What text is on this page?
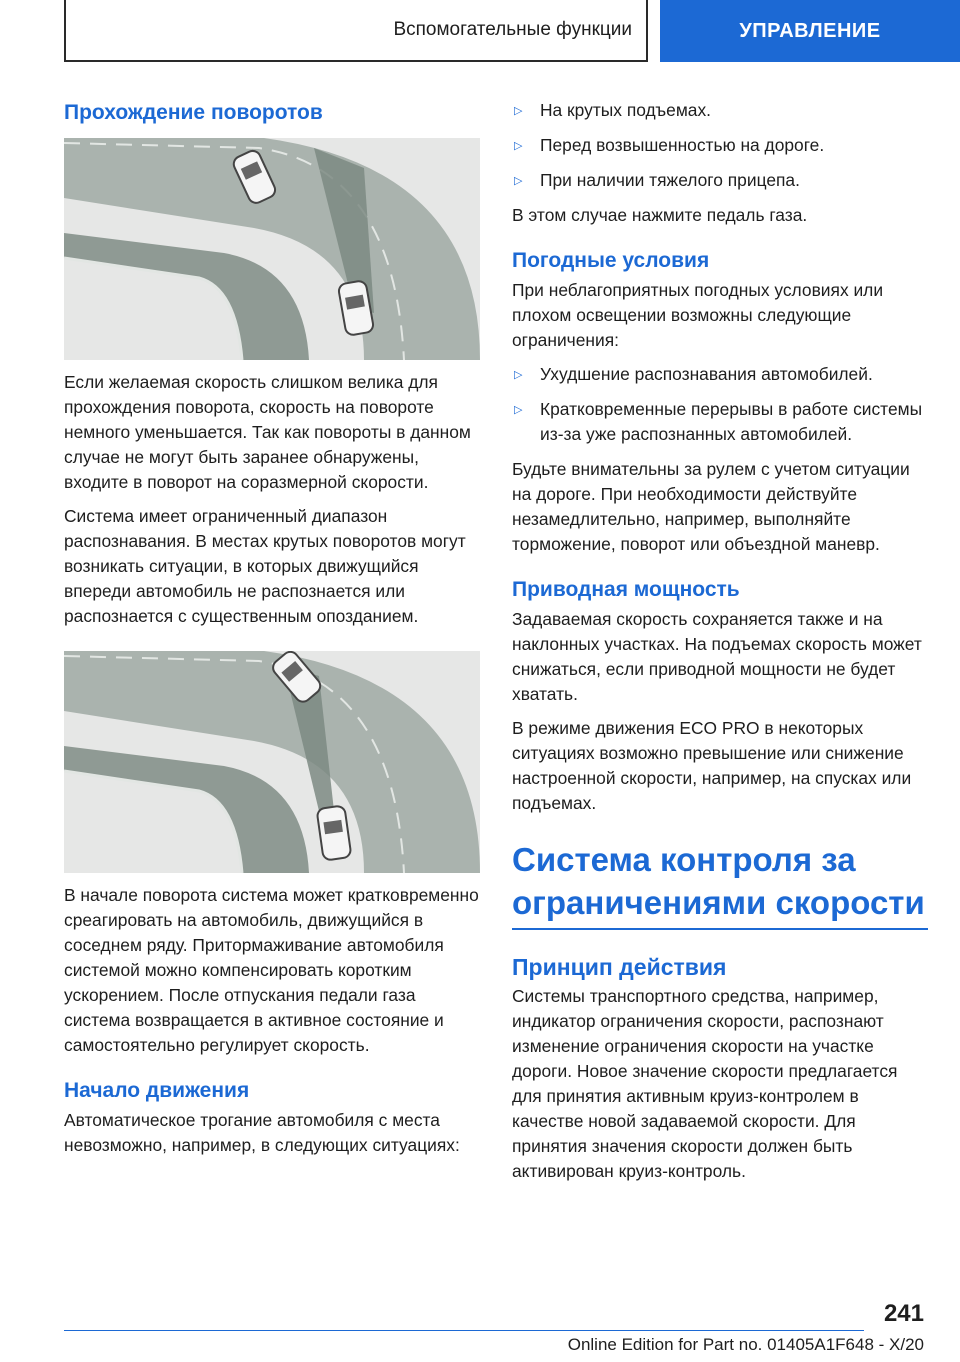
Вспомогательные функции	УПРАВЛЕНИЕ
Прохождение поворотов

Если желаемая скорость слишком велика для прохождения поворота, скорость на повороте немного уменьшается. Так как повороты в данном случае не могут быть заранее обнаружены, входите в поворот на соразмерной скорости.

Система имеет ограниченный диапазон распознавания. В местах крутых поворотов могут возникать ситуации, в которых движущийся впереди автомобиль не распознается или распознается с существенным опозданием.

В начале поворота система может кратковременно среагировать на автомобиль, движущийся в соседнем ряду. Притормаживание автомобиля системой можно компенсировать коротким ускорением. После отпускания педали газа система возвращается в активное состояние и самостоятельно регулирует скорость.

Начало движения

Автоматическое трогание автомобиля с места невозможно, например, в следующих ситуациях:

▷ На крутых подъемах.
▷ Перед возвышенностью на дороге.
▷ При наличии тяжелого прицепа.

В этом случае нажмите педаль газа.

Погодные условия

При неблагоприятных погодных условиях или плохом освещении возможны следующие ограничения:

▷ Ухудшение распознавания автомобилей.
▷ Кратковременные перерывы в работе системы из-за уже распознанных автомобилей.

Будьте внимательны за рулем с учетом ситуации на дороге. При необходимости действуйте незамедлительно, например, выполняйте торможение, поворот или объездной маневр.

Приводная мощность

Задаваемая скорость сохраняется также и на наклонных участках. На подъемах скорость может снижаться, если приводной мощности не будет хватать.

В режиме движения ECO PRO в некоторых ситуациях возможно превышение или снижение настроенной скорости, например, на спусках или подъемах.

Система контроля за ограничениями скорости
Принцип действия

Системы транспортного средства, например, индикатор ограничения скорости, распознают изменение ограничения скорости на участке дороги. Новое значение скорости предлагается для принятия активным круиз-контролем в качестве новой задаваемой скорости. Для принятия значения скорости должен быть активирован круиз-контроль.

241
Online Edition for Part no. 01405A1F648 - X/20
